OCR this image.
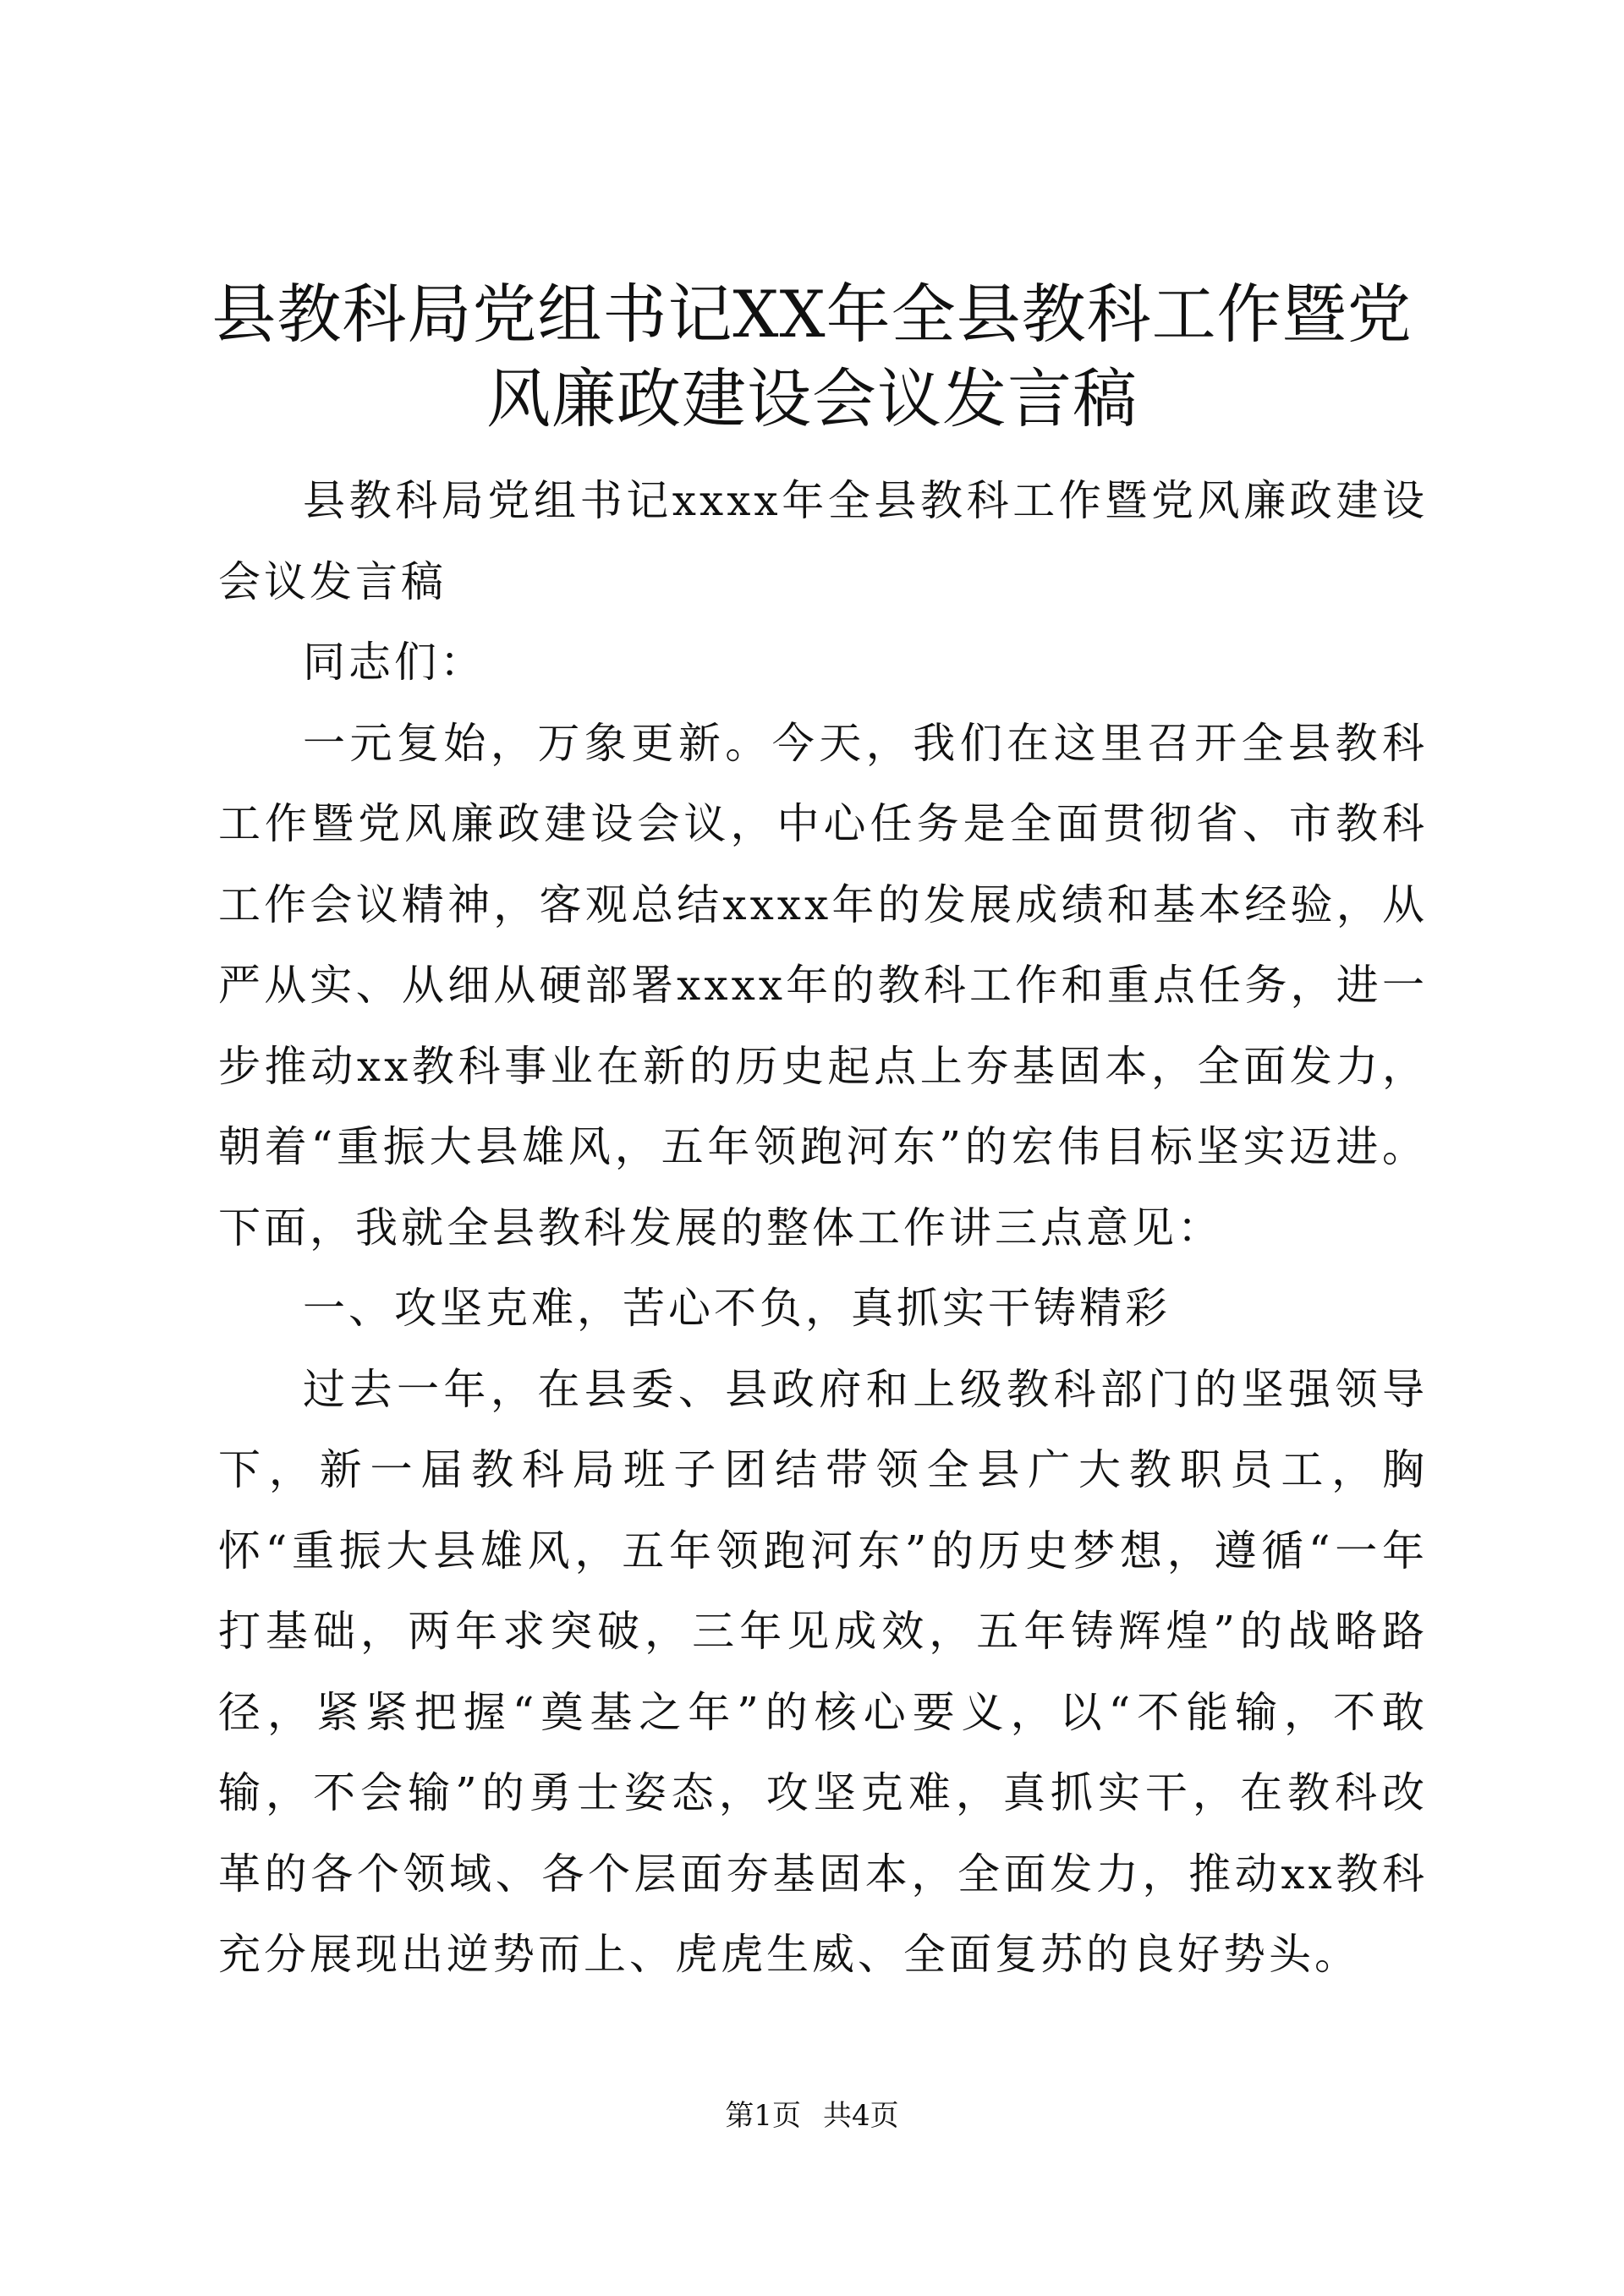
县教科局党组书记XX年全县教科工作暨党风廉政建设会议发言稿

县教科局党组书记xxxx年全县教科工作暨党风廉政建设会议发言稿

同志们：

一元复始，万象更新。今天，我们在这里召开全县教科工作暨党风廉政建设会议，中心任务是全面贯彻省、市教科工作会议精神，客观总结xxxx年的发展成绩和基本经验，从严从实、从细从硬部署xxxx年的教科工作和重点任务，进一步推动xx教科事业在新的历史起点上夯基固本，全面发力，朝着“重振大县雄风，五年领跑河东”的宏伟目标坚实迈进。下面，我就全县教科发展的整体工作讲三点意见：

一、攻坚克难，苦心不负，真抓实干铸精彩

过去一年，在县委、县政府和上级教科部门的坚强领导下，新一届教科局班子团结带领全县广大教职员工，胸怀“重振大县雄风，五年领跑河东”的历史梦想，遵循“一年打基础，两年求突破，三年见成效，五年铸辉煌”的战略路径，紧紧把握“奠基之年”的核心要义，以“不能输，不敢输，不会输”的勇士姿态，攻坚克难，真抓实干，在教科改革的各个领域、各个层面夯基固本，全面发力，推动xx教科充分展现出逆势而上、虎虎生威、全面复苏的良好势头。

第1页 共4页
